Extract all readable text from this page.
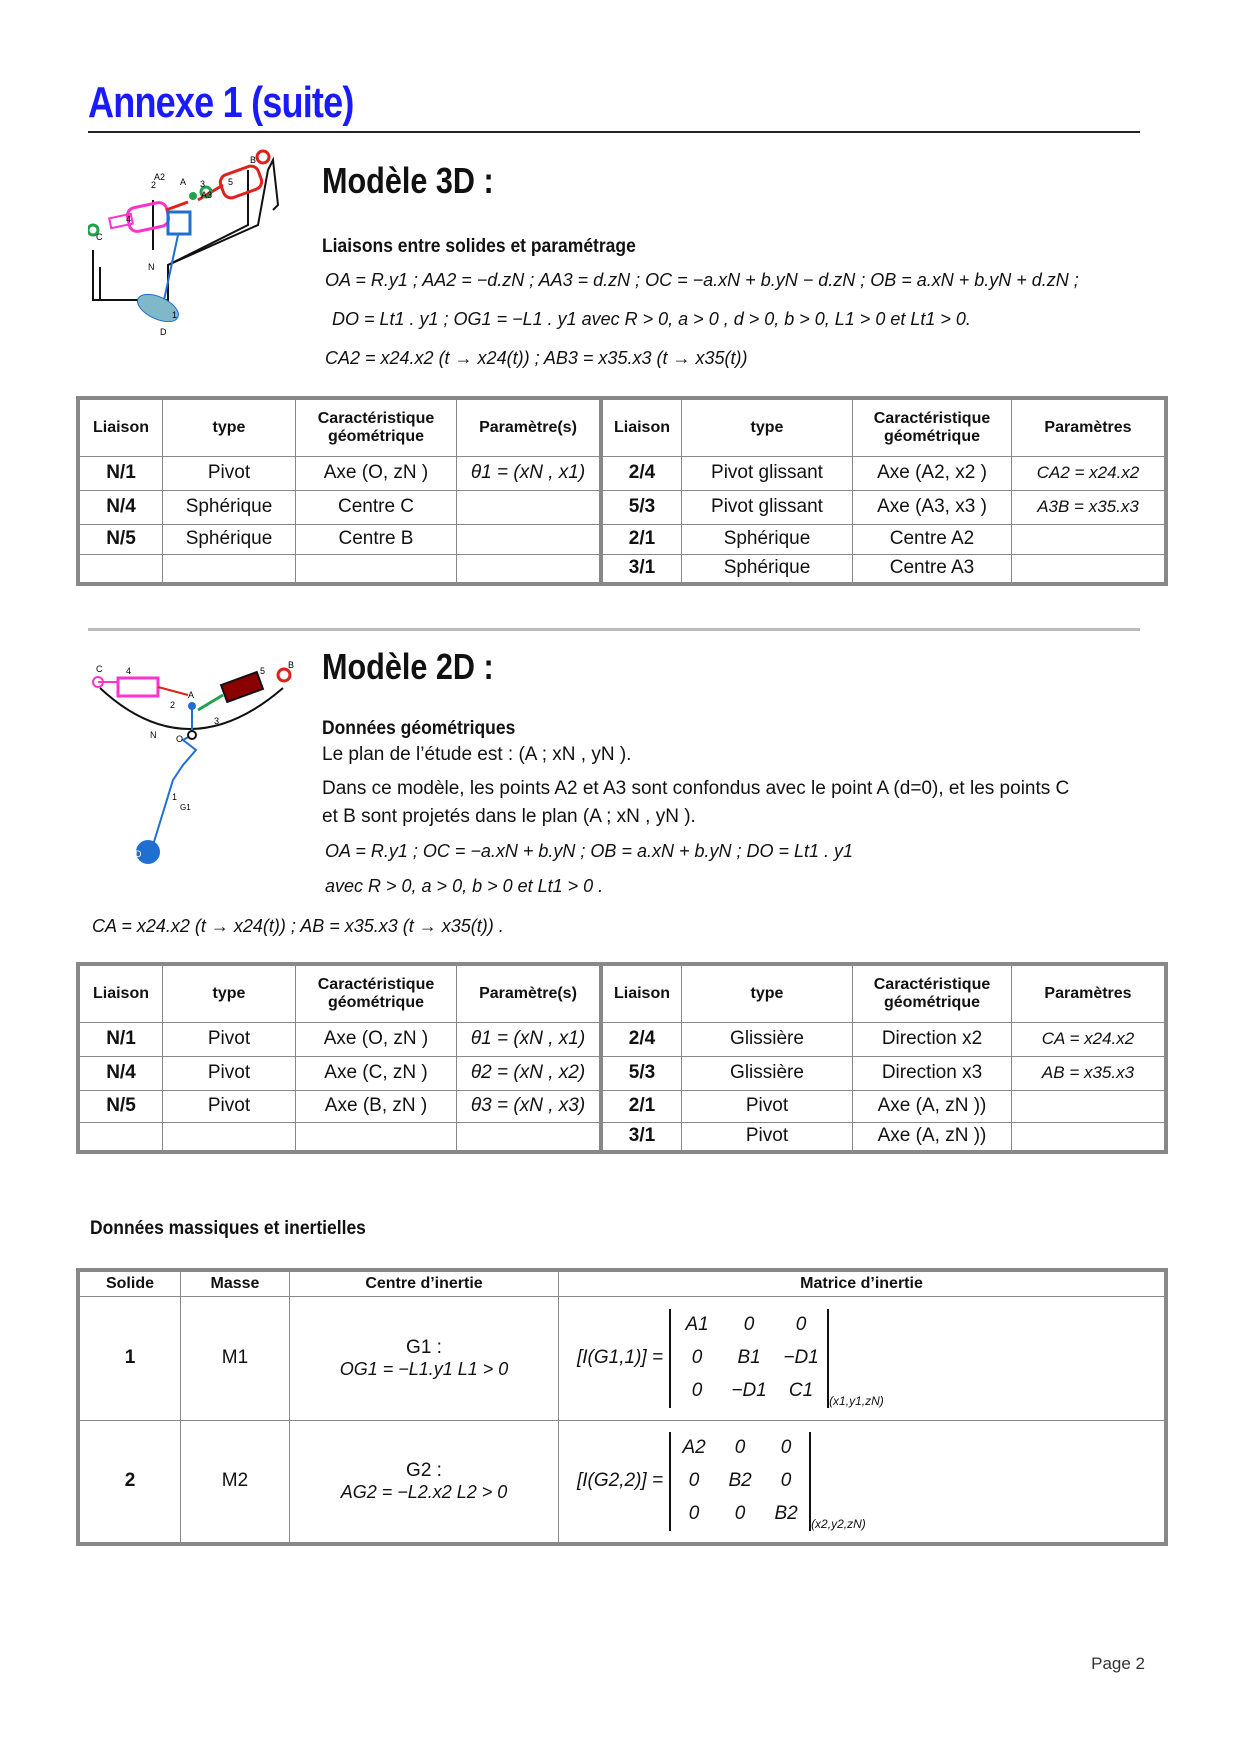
Annexe 1 (suite)
A2 A
A3
B
C
D
N
1
2	3
4
5 Modèle 3D :
Liaisons entre solides et paramétrage
OA = R.y1 ; AA2 = −d.zN ; AA3 = d.zN ; OC = −a.xN + b.yN − d.zN ; OB = a.xN + b.yN + d.zN ;
DO = Lt1 . y1 ; OG1 = −L1 . y1 avec R > 0, a > 0 , d > 0, b > 0, L1 > 0 et Lt1 > 0.
CA2 = x24.x2 (t → x24(t)) ; AB3 = x35.x3 (t → x35(t))
Liaison	type	Caractéristique géométrique	Paramètre(s)	Liaison	type	Caractéristique géométrique	Paramètres
N/1	Pivot	Axe (O, zN )	θ1 = (xN , x1)	2/4	Pivot glissant	Axe (A2, x2 )	CA2 = x24.x2
N/4	Sphérique	Centre C		5/3	Pivot glissant	Axe (A3, x3 )	A3B = x35.x3
N/5	Sphérique	Centre B		2/1	Sphérique	Centre A2	
				3/1	Sphérique	Centre A3	
C	B
A
O
D
G1
N
1
2
3
4	5 Modèle 2D :
Données géométriques
Le plan de l’étude est : (A ; xN , yN ).
Dans ce modèle, les points A2 et A3 sont confondus avec le point A (d=0), et les points C
et B sont projetés dans le plan (A ; xN , yN ).
OA = R.y1 ; OC = −a.xN + b.yN ; OB = a.xN + b.yN ; DO = Lt1 . y1
avec R > 0, a > 0, b > 0 et Lt1 > 0 .
CA = x24.x2 (t → x24(t)) ; AB = x35.x3 (t → x35(t)) .
Liaison	type	Caractéristique géométrique	Paramètre(s)	Liaison	type	Caractéristique géométrique	Paramètres
N/1	Pivot	Axe (O, zN )	θ1 = (xN , x1)	2/4	Glissière	Direction x2	CA = x24.x2
N/4	Pivot	Axe (C, zN )	θ2 = (xN , x2)	5/3	Glissière	Direction x3	AB = x35.x3
N/5	Pivot	Axe (B, zN )	θ3 = (xN , x3)	2/1	Pivot	Axe (A, zN ))	
				3/1	Pivot	Axe (A, zN ))	
Données massiques et inertielles
Solide	Masse	Centre d’inertie	Matrice d’inertie
1	M1	G1 :
OG1 = −L1.y1 L1 > 0

[I(G1,1)] =
A1	0	0
0	B1	−D1
0	−D1	C1 (x1,y1,zN)

2	M2	G2 :
AG2 = −L2.x2 L2 > 0

[I(G2,2)] =
A2	0	0
0	B2	0
0	0	B2 (x2,y2,zN)
Page 2
